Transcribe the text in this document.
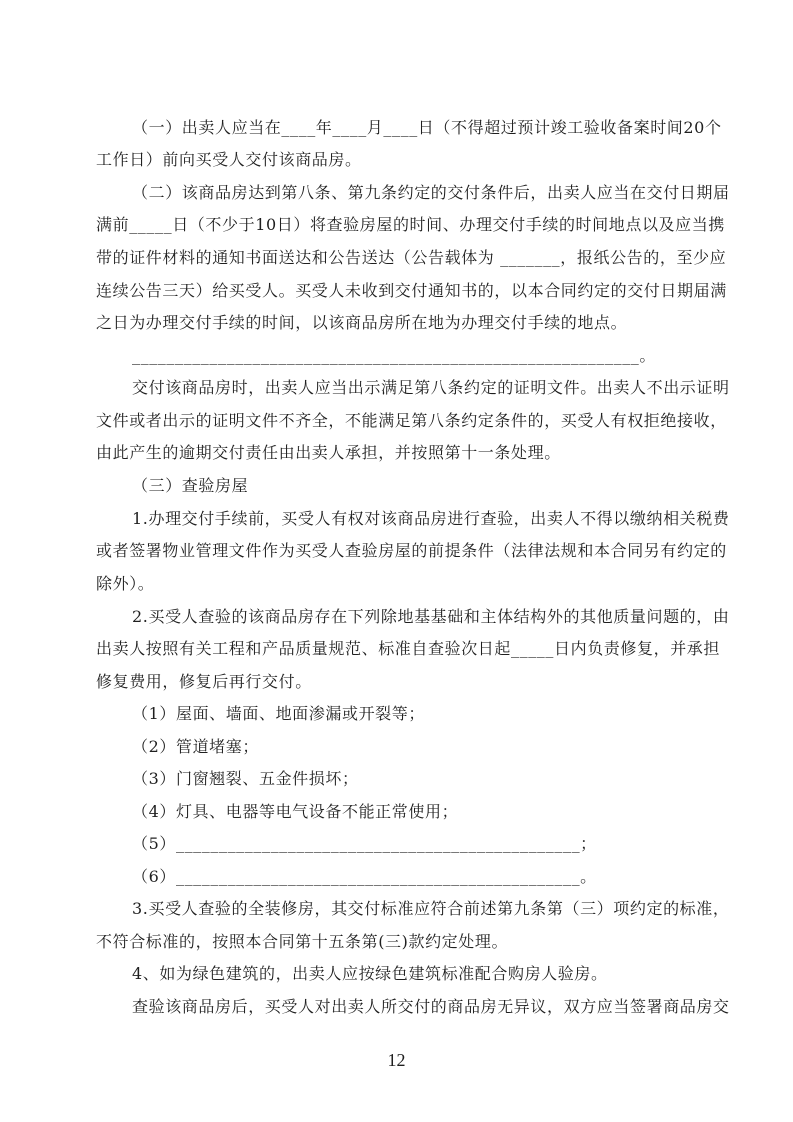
（一）出卖人应当在____年____月____日（不得超过预计竣工验收备案时间20个
工作日）前向买受人交付该商品房。
（二）该商品房达到第八条、第九条约定的交付条件后，出卖人应当在交付日期届
满前_____日（不少于10日）将查验房屋的时间、办理交付手续的时间地点以及应当携
带的证件材料的通知书面送达和公告送达（公告载体为 _______，报纸公告的，至少应
连续公告三天）给买受人。买受人未收到交付通知书的，以本合同约定的交付日期届满
之日为办理交付手续的时间，以该商品房所在地为办理交付手续的地点。
___________________________________________________________。
交付该商品房时，出卖人应当出示满足第八条约定的证明文件。出卖人不出示证明
文件或者出示的证明文件不齐全，不能满足第八条约定条件的，买受人有权拒绝接收，
由此产生的逾期交付责任由出卖人承担，并按照第十一条处理。
（三）查验房屋
1.办理交付手续前，买受人有权对该商品房进行查验，出卖人不得以缴纳相关税费
或者签署物业管理文件作为买受人查验房屋的前提条件（法律法规和本合同另有约定的
除外）。
2.买受人查验的该商品房存在下列除地基基础和主体结构外的其他质量问题的，由
出卖人按照有关工程和产品质量规范、标准自查验次日起_____日内负责修复，并承担
修复费用，修复后再行交付。
（1）屋面、墙面、地面渗漏或开裂等；
（2）管道堵塞；
（3）门窗翘裂、五金件损坏；
（4）灯具、电器等电气设备不能正常使用；
（5）_______________________________________________；
（6）_______________________________________________。
3.买受人查验的全装修房，其交付标准应符合前述第九条第（三）项约定的标准，
不符合标准的，按照本合同第十五条第(三)款约定处理。
4、如为绿色建筑的，出卖人应按绿色建筑标准配合购房人验房。
查验该商品房后，买受人对出卖人所交付的商品房无异议，双方应当签署商品房交
12
